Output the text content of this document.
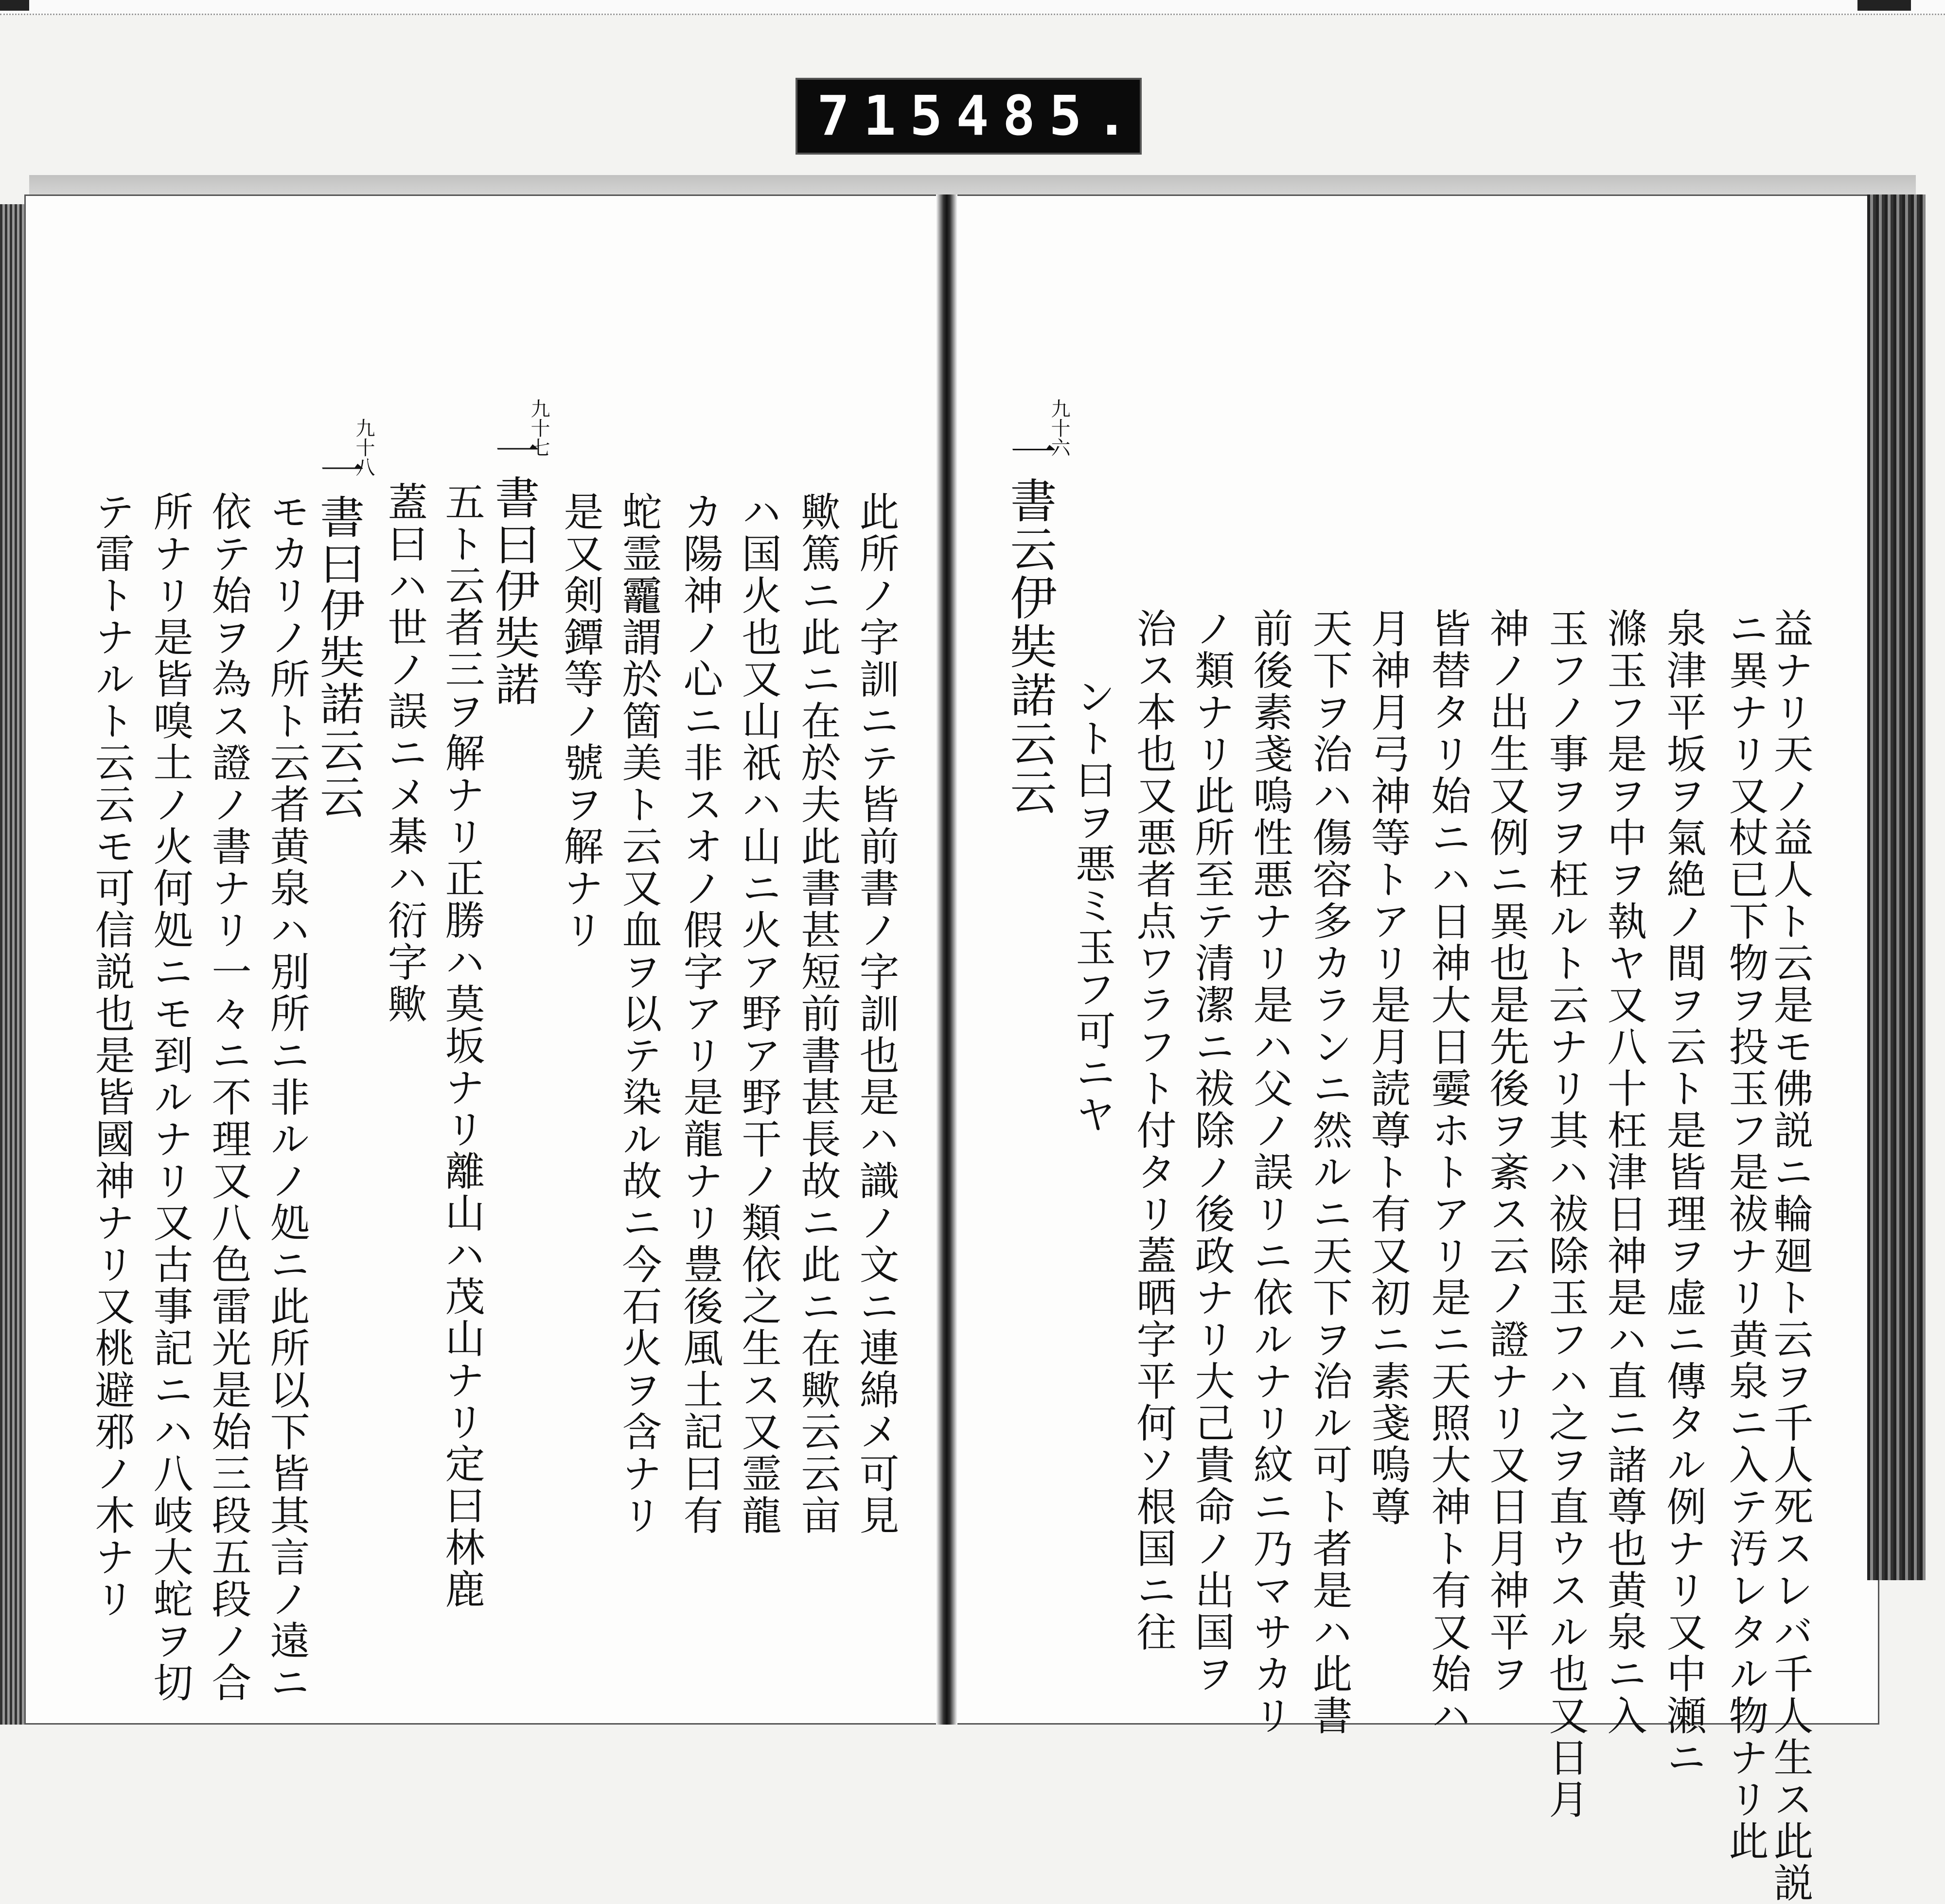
715 485.
益ナリ天ノ益人ト云是モ佛説ニ輪廻ト云ヲ千人死スレバ千人生ス此説
ニ異ナリ又杖已下物ヲ投玉フ是祓ナリ黄泉ニ入テ汚レタル物ナリ此
泉津平坂ヲ氣絶ノ間ヲ云ト是皆理ヲ虚ニ傳タル例ナリ又中瀬ニ
滌玉フ是ヲ中ヲ執ヤ又八十枉津日神是ハ直ニ諸尊也黄泉ニ入
玉フノ事ヲヲ枉ルト云ナリ其ハ祓除玉フハ之ヲ直ウスル也又日月
神ノ出生又例ニ異也是先後ヲ紊ス云ノ證ナリ又日月神平ヲ
皆替タリ始ニハ日神大日孁ホトアリ是ニ天照大神ト有又始ハ
月神月弓神等トアリ是月読尊ト有又初ニ素戔嗚尊
天下ヲ治ハ傷容多カランニ然ルニ天下ヲ治ル可ト者是ハ此書
前後素戔嗚性悪ナリ是ハ父ノ誤リニ依ルナリ紋ニ乃マサカリ
ノ類ナリ此所至テ清潔ニ祓除ノ後政ナリ大己貴命ノ出国ヲ
治ス本也又悪者点ワラフト付タリ蓋晒字平何ソ根国ニ往
ント曰ヲ悪ミ玉フ可ニヤ
九十六
一書云伊奘諾云云
此所ノ字訓ニテ皆前書ノ字訓也是ハ識ノ文ニ連綿メ可見
歟篤ニ此ニ在於夫此書甚短前書甚長故ニ此ニ在歟云云亩
ハ国火也又山祇ハ山ニ火ア野ア野干ノ類依之生ス又霊龍
カ陽神ノ心ニ非スオノ假字アリ是龍ナリ豊後風土記曰有
蛇霊龗謂於箇美ト云又血ヲ以テ染ル故ニ今石火ヲ含ナリ
是又剣鐔等ノ號ヲ解ナリ
九十七
一書曰伊奘諾
五ト云者三ヲ解ナリ正勝ハ莫坂ナリ離山ハ茂山ナリ定曰林鹿
蓋曰ハ世ノ誤ニメ棊ハ衍字歟
九十八
一書曰伊奘諾云云
モカリノ所ト云者黄泉ハ別所ニ非ルノ処ニ此所以下皆其言ノ遠ニ
依テ始ヲ為ス證ノ書ナリ一々ニ不理又八色雷光是始三段五段ノ合
所ナリ是皆嗅土ノ火何処ニモ到ルナリ又古事記ニハ八岐大蛇ヲ切
テ雷トナルト云云モ可信説也是皆國神ナリ又桃避邪ノ木ナリ
